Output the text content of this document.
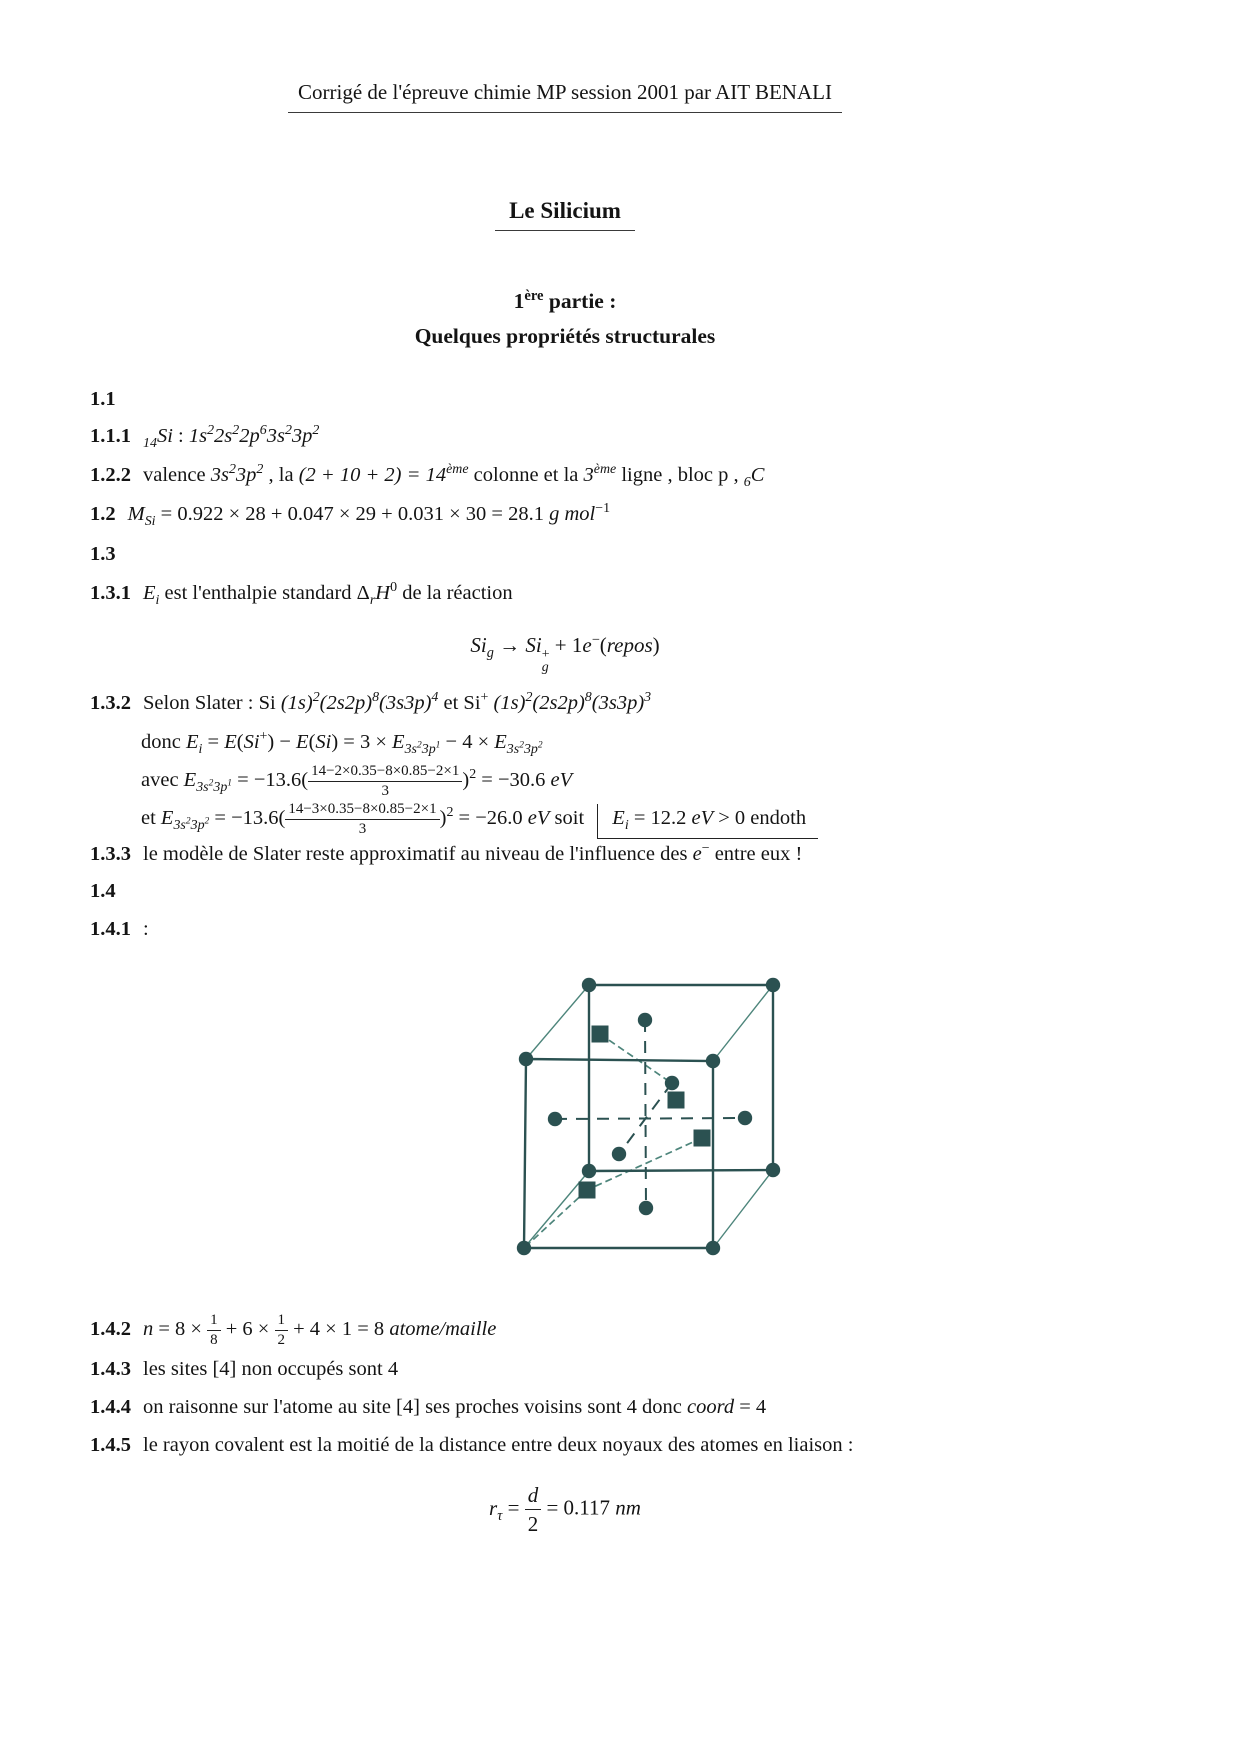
Corrigé de l'épreuve chimie MP session 2001 par AIT BENALI
Le Silicium
1ère partie :
Quelques propriétés structurales
1.1
1.1.1 $_{14}$Si : $1s^22s^22p^63s^23p^2$
1.2.2 valence $3s^23p^2$ , la (2 + 10 + 2) = 14ème colonne et la 3ème ligne , bloc p , $_6$C
1.2 $M_{Si} = 0.922 \times 28 + 0.047 \times 29 + 0.031 \times 30 = 28.1$ g mol$^{-1}$
1.3
1.3.1 $E_i$ est l'enthalpie standard $\Delta_rH^0$ de la réaction
$Si_g \to Si$ +
g
+ 1e−(repos)
1.3.2 Selon Slater : Si $(1s)^2(2s2p)^8(3s3p)^4$ et Si+ $(1s)^2(2s2p)^8(3s3p)^3$
donc $E_i = E(Si^+) - E(Si) = 3 \times E_{3s^23p^1} - 4 \times E_{3s^23p^2}$
avec $E_{3s^23p^1} = -13.6( \frac{14-2\times 0.35-8\times 0.85-2\times 1}{3} )^2 = -30.6$ eV
et $E_{3s^23p^2} = -13.6( \frac{14-3\times 0.35-8\times 0.85-2\times 1}{3} )^2 = -26.0$ eV soit $E_i = 12.2$ eV > 0 endoth
1.3.3 le modèle de Slater reste approximatif au niveau de l'influence des e− entre eux !
1.4
1.4.1 :
1.4.2 $n = 8 \times \frac{1}{8} + 6 \times \frac{1}{2} + 4 \times 1 = 8$ atome/maille
1.4.3 les sites [4] non occupés sont 4
1.4.4 on raisonne sur l'atome au site [4] ses proches voisins sont 4 donc coord = 4
1.4.5 le rayon covalent est la moitié de la distance entre deux noyaux des atomes en liaison :
$r_\tau = \frac{d}{2} = 0.117$ nm
